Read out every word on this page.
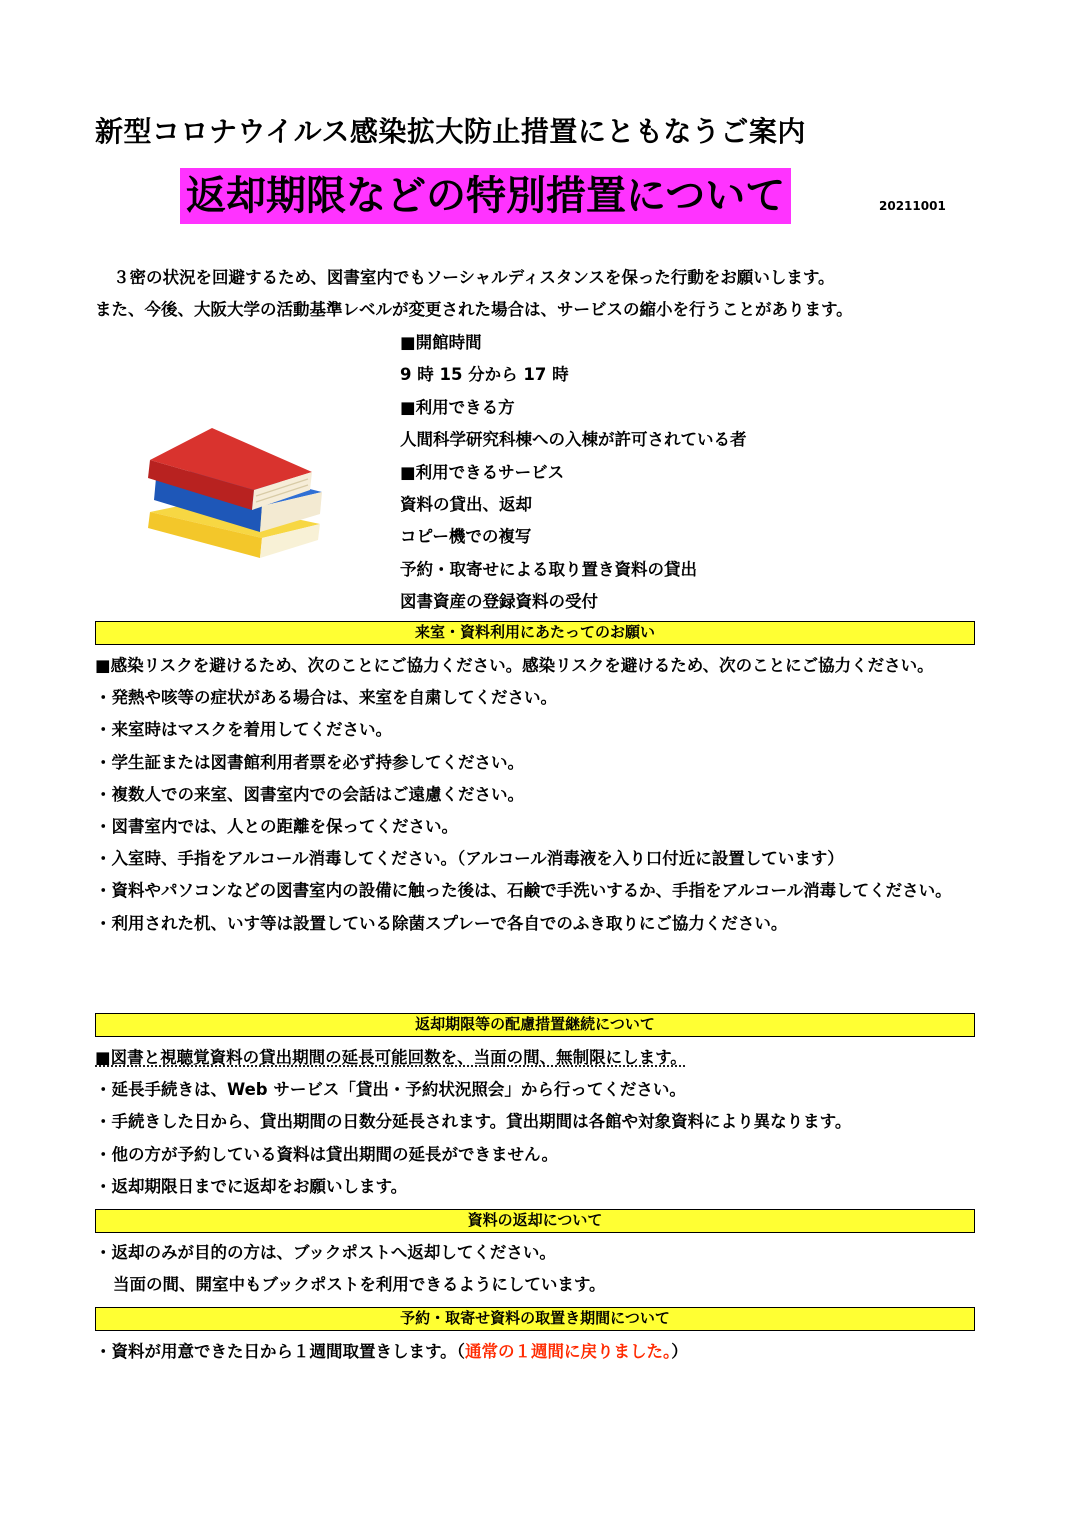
新型コロナウイルス感染拡大防止措置にともなうご案内
返却期限などの特別措置について	20211001
３密の状況を回避するため、図書室内でもソーシャルディスタンスを保った行動をお願いします。
また、今後、大阪大学の活動基準レベルが変更された場合は、サービスの縮小を行うことがあります。
■開館時間
9 時 15 分から 17 時
■利用できる方
人間科学研究科棟への入棟が許可されている者
■利用できるサービス
資料の貸出、返却
コピー機での複写
予約・取寄せによる取り置き資料の貸出
図書資産の登録資料の受付
来室・資料利用にあたってのお願い
■感染リスクを避けるため、次のことにご協力ください。感染リスクを避けるため、次のことにご協力ください。
・発熱や咳等の症状がある場合は、来室を自粛してください。
・来室時はマスクを着用してください。
・学生証または図書館利用者票を必ず持参してください。
・複数人での来室、図書室内での会話はご遠慮ください。
・図書室内では、人との距離を保ってください。
・入室時、手指をアルコール消毒してください。（アルコール消毒液を入り口付近に設置しています）
・資料やパソコンなどの図書室内の設備に触った後は、石鹸で手洗いするか、手指をアルコール消毒してください。
・利用された机、いす等は設置している除菌スプレーで各自でのふき取りにご協力ください。
返却期限等の配慮措置継続について
■図書と視聴覚資料の貸出期間の延長可能回数を、当面の間、無制限にします。
・延長手続きは、Web サービス「貸出・予約状況照会」から行ってください。
・手続きした日から、貸出期間の日数分延長されます。貸出期間は各館や対象資料により異なります。
・他の方が予約している資料は貸出期間の延長ができません。
・返却期限日までに返却をお願いします。
資料の返却について
・返却のみが目的の方は、ブックポストへ返却してください。
当面の間、開室中もブックポストを利用できるようにしています。
予約・取寄せ資料の取置き期間について
・資料が用意できた日から１週間取置きします。（通常の１週間に戻りました。）
